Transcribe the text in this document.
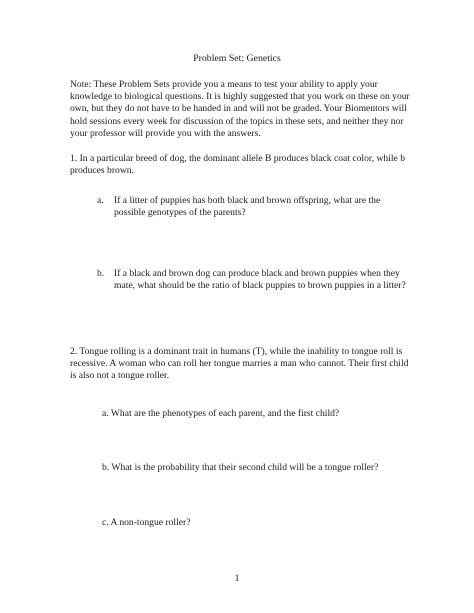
Problem Set: Genetics

Note: These Problem Sets provide you a means to test your ability to apply your knowledge to biological questions. It is highly suggested that you work on these on your own, but they do not have to be handed in and will not be graded. Your Biomentors will hold sessions every week for discussion of the topics in these sets, and neither they nor your professor will provide you with the answers.

1. In a particular breed of dog, the dominant allele B produces black coat color, while b produces brown.

a.	If a litter of puppies has both black and brown offspring, what are the possible genotypes of the parents?

b.	If a black and brown dog can produce black and brown puppies when they mate, what should be the ratio of black puppies to brown puppies in a litter?

2. Tongue rolling is a dominant trait in humans (T), while the inability to tongue roll is recessive. A woman who can roll her tongue marries a man who cannot. Their first child is also not a tongue roller.

a. What are the phenotypes of each parent, and the first child?

b. What is the probability that their second child will be a tongue roller?

c. A non-tongue roller?

1
